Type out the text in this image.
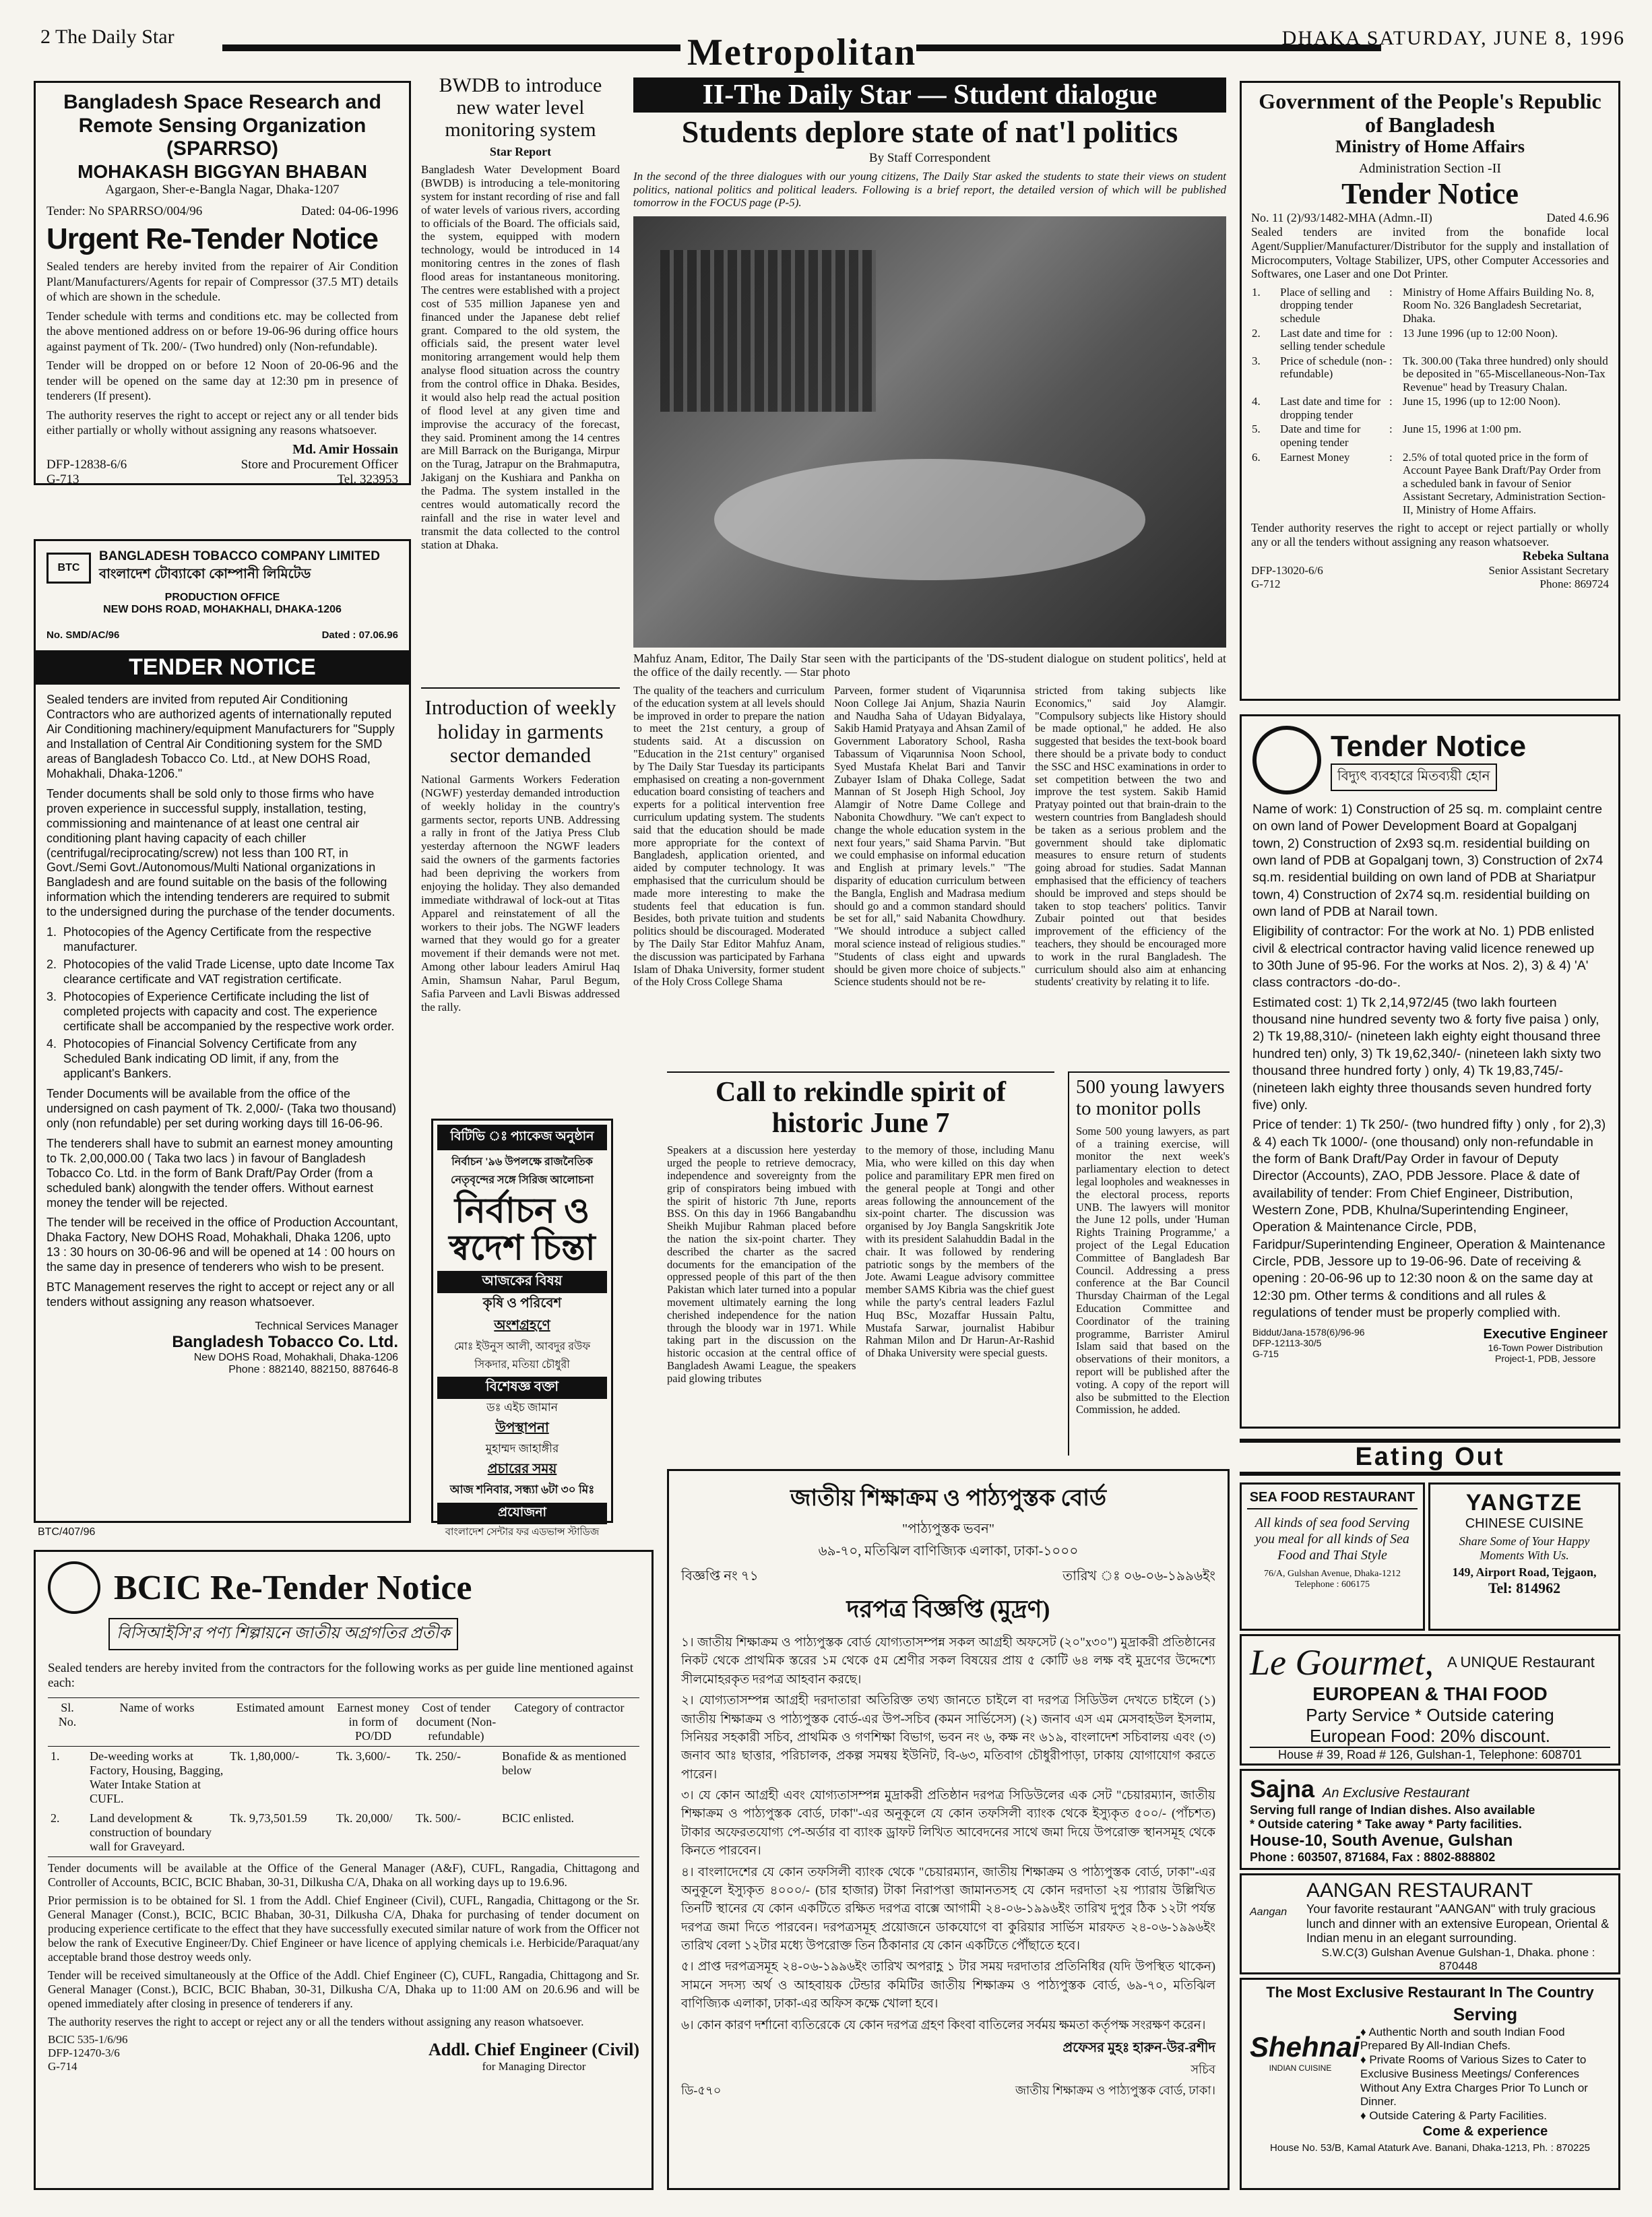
2 The Daily Star	Metropolitan	DHAKA SATURDAY, JUNE 8, 1996
Bangladesh Space Research and Remote Sensing Organization (SPARRSO)
MOHAKASH BIGGYAN BHABAN
Agargaon, Sher-e-Bangla Nagar, Dhaka-1207
Tender: No SPARRSO/004/96	Dated: 04-06-1996
Urgent Re-Tender Notice

Sealed tenders are hereby invited from the repairer of Air Condition Plant/Manufacturers/Agents for repair of Compressor (37.5 MT) details of which are shown in the schedule.

Tender schedule with terms and conditions etc. may be collected from the above mentioned address on or before 19-06-96 during office hours against payment of Tk. 200/- (Two hundred) only (Non-refundable).

Tender will be dropped on or before 12 Noon of 20-06-96 and the tender will be opened on the same day at 12:30 pm in presence of tenderers (If present).

The authority reserves the right to accept or reject any or all tender bids either partially or wholly without assigning any reasons whatsoever.

Md. Amir Hossain
DFP-12838-6/6	Store and Procurement Officer
G-713	Tel. 323953
BTC
BANGLADESH TOBACCO COMPANY LIMITED
বাংলাদেশ টোব্যাকো কোম্পানী লিমিটেড
PRODUCTION OFFICE
NEW DOHS ROAD, MOHAKHALI, DHAKA-1206
No. SMD/AC/96	Dated : 07.06.96
TENDER NOTICE

Sealed tenders are invited from reputed Air Conditioning Contractors who are authorized agents of internationally reputed Air Conditioning machinery/equipment Manufacturers for "Supply and Installation of Central Air Conditioning system for the SMD areas of Bangladesh Tobacco Co. Ltd., at New DOHS Road, Mohakhali, Dhaka-1206."

Tender documents shall be sold only to those firms who have proven experience in successful supply, installation, testing, commissioning and maintenance of at least one central air conditioning plant having capacity of each chiller (centrifugal/reciprocating/screw) not less than 100 RT, in Govt./Semi Govt./Autonomous/Multi National organizations in Bangladesh and are found suitable on the basis of the following information which the intending tenderers are required to submit to the undersigned during the purchase of the tender documents.

1. Photocopies of the Agency Certificate from the respective manufacturer.
2. Photocopies of the valid Trade License, upto date Income Tax clearance certificate and VAT registration certificate.
3. Photocopies of Experience Certificate including the list of completed projects with capacity and cost. The experience certificate shall be accompanied by the respective work order.
4. Photocopies of Financial Solvency Certificate from any Scheduled Bank indicating OD limit, if any, from the applicant's Bankers.

Tender Documents will be available from the office of the undersigned on cash payment of Tk. 2,000/- (Taka two thousand) only (non refundable) per set during working days till 16-06-96.

The tenderers shall have to submit an earnest money amounting to Tk. 2,00,000.00 ( Taka two lacs ) in favour of Bangladesh Tobacco Co. Ltd. in the form of Bank Draft/Pay Order (from a scheduled bank) alongwith the tender offers. Without earnest money the tender will be rejected.

The tender will be received in the office of Production Accountant, Dhaka Factory, New DOHS Road, Mohakhali, Dhaka 1206, upto 13 : 30 hours on 30-06-96 and will be opened at 14 : 00 hours on the same day in presence of tenderers who wish to be present.

BTC Management reserves the right to accept or reject any or all tenders without assigning any reason whatsoever.

Technical Services Manager
Bangladesh Tobacco Co. Ltd.
New DOHS Road, Mohakhali, Dhaka-1206
Phone : 882140, 882150, 887646-8
BTC/407/96
BWDB to introduce new water level monitoring system
Star Report
Bangladesh Water Development Board (BWDB) is introducing a tele-monitoring system for instant recording of rise and fall of water levels of various rivers, according to officials of the Board. The officials said, the system, equipped with modern technology, would be introduced in 14 monitoring centres in the zones of flash flood areas for instantaneous monitoring. The centres were established with a project cost of 535 million Japanese yen and financed under the Japanese debt relief grant. Compared to the old system, the officials said, the present water level monitoring arrangement would help them analyse flood situation across the country from the control office in Dhaka. Besides, it would also help read the actual position of flood level at any given time and improvise the accuracy of the forecast, they said. Prominent among the 14 centres are Mill Barrack on the Buriganga, Mirpur on the Turag, Jatrapur on the Brahmaputra, Jakiganj on the Kushiara and Pankha on the Padma. The system installed in the centres would automatically record the rainfall and the rise in water level and transmit the data collected to the control station at Dhaka.
Introduction of weekly holiday in garments sector demanded
National Garments Workers Federation (NGWF) yesterday demanded introduction of weekly holiday in the country's garments sector, reports UNB. Addressing a rally in front of the Jatiya Press Club yesterday afternoon the NGWF leaders said the owners of the garments factories had been depriving the workers from enjoying the holiday. They also demanded immediate withdrawal of lock-out at Titas Apparel and reinstatement of all the workers to their jobs. The NGWF leaders warned that they would go for a greater movement if their demands were not met. Among other labour leaders Amirul Haq Amin, Shamsun Nahar, Parul Begum, Safia Parveen and Lavli Biswas addressed the rally.
বিটিভি ঃ প্যাকেজ অনুষ্ঠান
নির্বাচন '৯৬ উপলক্ষে রাজনৈতিক
নেতৃবৃন্দের সঙ্গে সিরিজ আলোচনা
নির্বাচন ও
স্বদেশ চিন্তা
আজকের বিষয়
কৃষি ও পরিবেশ
অংশগ্রহণে
মোঃ ইউনুস আলী, আবদুর রউফ সিকদার, মতিয়া চৌধুরী
বিশেষজ্ঞ বক্তা
ডঃ এইচ জামান
উপস্থাপনা
মুহাম্মদ জাহাঙ্গীর
প্রচারের সময়
আজ শনিবার, সন্ধ্যা ৬টা ৩০ মিঃ
প্রযোজনা
বাংলাদেশ সেন্টার ফর এডভান্স স্টাডিজ
II-The Daily Star — Student dialogue
Students deplore state of nat'l politics
By Staff Correspondent
In the second of the three dialogues with our young citizens, The Daily Star asked the students to state their views on student politics, national politics and political leaders. Following is a brief report, the detailed version of which will be published tomorrow in the FOCUS page (P-5).
Mahfuz Anam, Editor, The Daily Star seen with the participants of the 'DS-student dialogue on student politics', held at the office of the daily recently. — Star photo
The quality of the teachers and curriculum of the education system at all levels should be improved in order to prepare the nation to meet the 21st century, a group of students said. At a discussion on "Education in the 21st century" organised by The Daily Star Tuesday its participants emphasised on creating a non-government education board consisting of teachers and experts for a political intervention free curriculum updating system. The students said that the education should be made more appropriate for the context of Bangladesh, application oriented, and aided by computer technology. It was emphasised that the curriculum should be made more interesting to make the students feel that education is fun. Besides, both private tuition and students politics should be discouraged. Moderated by The Daily Star Editor Mahfuz Anam, the discussion was participated by Farhana Islam of Dhaka University, former student of the Holy Cross College Shama
Parveen, former student of Viqarunnisa Noon College Jai Anjum, Shazia Naurin and Naudha Saha of Udayan Bidyalaya, Sakib Hamid Pratyaya and Ahsan Zamil of Government Laboratory School, Rasha Tabassum of Viqarunnisa Noon School, Syed Mustafa Khelat Bari and Tanvir Zubayer Islam of Dhaka College, Sadat Mannan of St Joseph High School, Joy Alamgir of Notre Dame College and Nabonita Chowdhury. "We can't expect to change the whole education system in the next four years," said Shama Parvin. "But we could emphasise on informal education and English at primary levels." "The disparity of education curriculum between the Bangla, English and Madrasa medium should go and a common standard should be set for all," said Nabanita Chowdhury. "We should introduce a subject called moral science instead of religious studies." "Students of class eight and upwards should be given more choice of subjects." Science students should not be re-
stricted from taking subjects like Economics," said Joy Alamgir. "Compulsory subjects like History should be made optional," he added. He also suggested that besides the text-book board there should be a private body to conduct the SSC and HSC examinations in order to set competition between the two and improve the test system. Sakib Hamid Pratyay pointed out that brain-drain to the western countries from Bangladesh should be taken as a serious problem and the government should take diplomatic measures to ensure return of students going abroad for studies. Sadat Mannan emphasised that the efficiency of teachers should be improved and steps should be taken to stop teachers' politics. Tanvir Zubair pointed out that besides improvement of the efficiency of the teachers, they should be encouraged more to work in the rural Bangladesh. The curriculum should also aim at enhancing students' creativity by relating it to life.
Call to rekindle spirit of historic June 7
Speakers at a discussion here yesterday urged the people to retrieve democracy, independence and sovereignty from the grip of conspirators being imbued with the spirit of historic 7th June, reports BSS. On this day in 1966 Bangabandhu Sheikh Mujibur Rahman placed before the nation the six-point charter. They described the charter as the sacred documents for the emancipation of the oppressed people of this part of the then Pakistan which later turned into a popular movement ultimately earning the long cherished independence for the nation through the bloody war in 1971. While taking part in the discussion on the historic occasion at the central office of Bangladesh Awami League, the speakers paid glowing tributes
to the memory of those, including Manu Mia, who were killed on this day when police and paramilitary EPR men fired on the general people at Tongi and other areas following the announcement of the six-point charter. The discussion was organised by Joy Bangla Sangskritik Jote with its president Salahuddin Badal in the chair. It was followed by rendering patriotic songs by the members of the Jote. Awami League advisory committee member SAMS Kibria was the chief guest while the party's central leaders Fazlul Huq BSc, Mozaffar Hussain Paltu, Mustafa Sarwar, journalist Habibur Rahman Milon and Dr Harun-Ar-Rashid of Dhaka University were special guests.
500 young lawyers to monitor polls
Some 500 young lawyers, as part of a training exercise, will monitor the next week's parliamentary election to detect legal loopholes and weaknesses in the electoral process, reports UNB. The lawyers will monitor the June 12 polls, under 'Human Rights Training Programme,' a project of the Legal Education Committee of Bangladesh Bar Council. Addressing a press conference at the Bar Council Thursday Chairman of the Legal Education Committee and Coordinator of the training programme, Barrister Amirul Islam said that based on the observations of their monitors, a report will be published after the voting. A copy of the report will also be submitted to the Election Commission, he added.
BCIC Re-Tender Notice
বিসিআইসি'র পণ্য শিল্পায়নে জাতীয় অগ্রগতির প্রতীক
Sealed tenders are hereby invited from the contractors for the following works as per guide line mentioned against each:
Sl. No.	Name of works	Estimated amount	Earnest money in form of PO/DD	Cost of tender document (Non-refundable)	Category of contractor
1.	De-weeding works at Factory, Housing, Bagging, Water Intake Station at CUFL.	Tk. 1,80,000/-	Tk. 3,600/-	Tk. 250/-	Bonafide & as mentioned below
2.	Land development & construction of boundary wall for Graveyard.	Tk. 9,73,501.59	Tk. 20,000/	Tk. 500/-	BCIC enlisted.

Tender documents will be available at the Office of the General Manager (A&F), CUFL, Rangadia, Chittagong and Controller of Accounts, BCIC, BCIC Bhaban, 30-31, Dilkusha C/A, Dhaka on all working days up to 19.6.96.

Prior permission is to be obtained for Sl. 1 from the Addl. Chief Engineer (Civil), CUFL, Rangadia, Chittagong or the Sr. General Manager (Const.), BCIC, BCIC Bhaban, 30-31, Dilkusha C/A, Dhaka for purchasing of tender document on producing experience certificate to the effect that they have successfully executed similar nature of work from the Officer not below the rank of Executive Engineer/Dy. Chief Engineer or have licence of applying chemicals i.e. Herbicide/Paraquat/any acceptable brand those destroy weeds only.

Tender will be received simultaneously at the Office of the Addl. Chief Engineer (C), CUFL, Rangadia, Chittagong and Sr. General Manager (Const.), BCIC, BCIC Bhaban, 30-31, Dilkusha C/A, Dhaka up to 11:00 AM on 20.6.96 and will be opened immediately after closing in presence of tenderers if any.

The authority reserves the right to accept or reject any or all the tenders without assigning any reason whatsoever.

BCIC 535-1/6/96
DFP-12470-3/6
G-714
Addl. Chief Engineer (Civil)
for Managing Director
জাতীয় শিক্ষাক্রম ও পাঠ্যপুস্তক বোর্ড
"পাঠ্যপুস্তক ভবন"
৬৯-৭০, মতিঝিল বাণিজ্যিক এলাকা, ঢাকা-১০০০
বিজ্ঞপ্তি নং ৭১	তারিখ ঃ ০৬-০৬-১৯৯৬ইং
দরপত্র বিজ্ঞপ্তি (মুদ্রণ)

১। জাতীয় শিক্ষাক্রম ও পাঠ্যপুস্তক বোর্ড যোগ্যতাসম্পন্ন সকল আগ্রহী অফসেট (২০"x৩০") মুদ্রাকরী প্রতিষ্ঠানের নিকট থেকে প্রাথমিক স্তরের ১ম থেকে ৫ম শ্রেণীর সকল বিষয়ের প্রায় ৫ কোটি ৬৪ লক্ষ বই মুদ্রণের উদ্দেশ্যে সীলমোহরকৃত দরপত্র আহবান করছে।

২। যোগ্যতাসম্পন্ন আগ্রহী দরদাতারা অতিরিক্ত তথ্য জানতে চাইলে বা দরপত্র সিডিউল দেখতে চাইলে (১) জাতীয় শিক্ষাক্রম ও পাঠ্যপুস্তক বোর্ড-এর উপ-সচিব (কমন সার্ভিসেস) (২) জনাব এস এম মেসবাহউল ইসলাম, সিনিয়র সহকারী সচিব, প্রাথমিক ও গণশিক্ষা বিভাগ, ভবন নং ৬, কক্ষ নং ৬১৯, বাংলাদেশ সচিবালয় এবং (৩) জনাব আঃ ছাত্তার, পরিচালক, প্রকল্প সমন্বয় ইউনিট, বি-৬৩, মতিবাগ চৌধুরীপাড়া, ঢাকায় যোগাযোগ করতে পারেন।

৩। যে কোন আগ্রহী এবং যোগ্যতাসম্পন্ন মুদ্রাকরী প্রতিষ্ঠান দরপত্র সিডিউলের এক সেট "চেয়ারম্যান, জাতীয় শিক্ষাক্রম ও পাঠ্যপুস্তক বোর্ড, ঢাকা"-এর অনুকূলে যে কোন তফসিলী ব্যাংক থেকে ইস্যুকৃত ৫০০/- (পাঁচশত) টাকার অফেরতযোগ্য পে-অর্ডার বা ব্যাংক ড্রাফট লিখিত আবেদনের সাথে জমা দিয়ে উপরোক্ত স্থানসমূহ থেকে কিনতে পারবেন।

৪। বাংলাদেশের যে কোন তফসিলী ব্যাংক থেকে "চেয়ারম্যান, জাতীয় শিক্ষাক্রম ও পাঠ্যপুস্তক বোর্ড, ঢাকা"-এর অনুকূলে ইস্যুকৃত ৪০০০/- (চার হাজার) টাকা নিরাপত্তা জামানতসহ যে কোন দরদাতা ২য় প্যারায় উল্লিখিত তিনটি স্থানের যে কোন একটিতে রক্ষিত দরপত্র বাক্সে আগামী ২৪-০৬-১৯৯৬ইং তারিখ দুপুর ঠিক ১২টা পর্যন্ত দরপত্র জমা দিতে পারবেন। দরপত্রসমূহ প্রয়োজনে ডাকযোগে বা কুরিয়ার সার্ভিস মারফত ২৪-০৬-১৯৯৬ইং তারিখ বেলা ১২টার মধ্যে উপরোক্ত তিন ঠিকানার যে কোন একটিতে পৌঁছাতে হবে।

৫। প্রাপ্ত দরপত্রসমূহ ২৪-০৬-১৯৯৬ইং তারিখ অপরাহ্ণ ১ টার সময় দরদাতার প্রতিনিধির (যদি উপস্থিত থাকেন) সামনে সদস্য অর্থ ও আহবায়ক টেন্ডার কমিটির জাতীয় শিক্ষাক্রম ও পাঠ্যপুস্তক বোর্ড, ৬৯-৭০, মতিঝিল বাণিজ্যিক এলাকা, ঢাকা-এর অফিস কক্ষে খোলা হবে।

৬। কোন কারণ দর্শানো ব্যতিরেকে যে কোন দরপত্র গ্রহণ কিংবা বাতিলের সর্বময় ক্ষমতা কর্তৃপক্ষ সংরক্ষণ করেন।

প্রফেসর মুহঃ হারুন-উর-রশীদ
সচিব
ডি-৫৭০	জাতীয় শিক্ষাক্রম ও পাঠ্যপুস্তক বোর্ড, ঢাকা।
Government of the People's Republic of Bangladesh
Ministry of Home Affairs
Administration Section -II
Tender Notice
No. 11 (2)/93/1482-MHA (Admn.-II)	Dated 4.6.96
Sealed tenders are invited from the bonafide local Agent/Supplier/Manufacturer/Distributor for the supply and installation of Microcomputers, Voltage Stabilizer, UPS, other Computer Accessories and Softwares, one Laser and one Dot Printer.
1.	Place of selling and dropping tender schedule	:	Ministry of Home Affairs Building No. 8, Room No. 326 Bangladesh Secretariat, Dhaka.
2.	Last date and time for selling tender schedule	:	13 June 1996 (up to 12:00 Noon).
3.	Price of schedule (non-refundable)	:	Tk. 300.00 (Taka three hundred) only should be deposited in "65-Miscellaneous-Non-Tax Revenue" head by Treasury Chalan.
4.	Last date and time for dropping tender	:	June 15, 1996 (up to 12:00 Noon).
5.	Date and time for opening tender	:	June 15, 1996 at 1:00 pm.
6.	Earnest Money	:	2.5% of total quoted price in the form of Account Payee Bank Draft/Pay Order from a scheduled bank in favour of Senior Assistant Secretary, Administration Section-II, Ministry of Home Affairs.
Tender authority reserves the right to accept or reject partially or wholly any or all the tenders without assigning any reason whatsoever.
Rebeka Sultana
DFP-13020-6/6	Senior Assistant Secretary
G-712	Phone: 869724
Tender Notice
বিদ্যুৎ ব্যবহারে মিতব্যয়ী হোন

Name of work: 1) Construction of 25 sq. m. complaint centre on own land of Power Development Board at Gopalganj town, 2) Construction of 2x93 sq.m. residential building on own land of PDB at Gopalganj town, 3) Construction of 2x74 sq.m. residential building on own land of PDB at Shariatpur town, 4) Construction of 2x74 sq.m. residential building on own land of PDB at Narail town.

Eligibility of contractor: For the work at No. 1) PDB enlisted civil & electrical contractor having valid licence renewed up to 30th June of 95-96. For the works at Nos. 2), 3) & 4) 'A' class contractors -do-do-.

Estimated cost: 1) Tk 2,14,972/45 (two lakh fourteen thousand nine hundred seventy two & forty five paisa ) only, 2) Tk 19,88,310/- (nineteen lakh eighty eight thousand three hundred ten) only, 3) Tk 19,62,340/- (nineteen lakh sixty two thousand three hundred forty ) only, 4) Tk 19,83,745/- (nineteen lakh eighty three thousands seven hundred forty five) only.

Price of tender: 1) Tk 250/- (two hundred fifty ) only , for 2),3) & 4) each Tk 1000/- (one thousand) only non-refundable in the form of Bank Draft/Pay Order in favour of Deputy Director (Accounts), ZAO, PDB Jessore. Place & date of availability of tender: From Chief Engineer, Distribution, Western Zone, PDB, Khulna/Superintending Engineer, Operation & Maintenance Circle, PDB, Faridpur/Superintending Engineer, Operation & Maintenance Circle, PDB, Jessore up to 19-06-96. Date of receiving & opening : 20-06-96 up to 12:30 noon & on the same day at 12:30 pm. Other terms & conditions and all rules & regulations of tender must be properly complied with.

Biddut/Jana-1578(6)/96-96
DFP-12113-30/5
G-715
Executive Engineer
16-Town Power Distribution
Project-1, PDB, Jessore
Eating Out
SEA FOOD RESTAURANT
All kinds of sea food Serving you meal for all kinds of Sea Food and Thai Style
76/A, Gulshan Avenue, Dhaka-1212 Telephone : 606175
YANGTZE
CHINESE CUISINE
Share Some of Your Happy Moments With Us.
149, Airport Road, Tejgaon,
Tel: 814962
Le Gourmet, A UNIQUE Restaurant
EUROPEAN & THAI FOOD
Party Service * Outside catering
European Food: 20% discount.
House # 39, Road # 126, Gulshan-1, Telephone: 608701
Sajna An Exclusive Restaurant
Serving full range of Indian dishes. Also available
* Outside catering * Take away * Party facilities.
House-10, South Avenue, Gulshan
Phone : 603507, 871684, Fax : 8802-888802
Aangan
AANGAN RESTAURANT
Your favorite restaurant "AANGAN" with truly gracious lunch and dinner with an extensive European, Oriental & Indian menu in an elegant surrounding.
S.W.C(3) Gulshan Avenue Gulshan-1, Dhaka. phone : 870448
The Most Exclusive Restaurant In The Country
Shehnai
INDIAN CUISINE
Serving
♦ Authentic North and south Indian Food Prepared By All-Indian Chefs.
♦ Private Rooms of Various Sizes to Cater to Exclusive Business Meetings/ Conferences Without Any Extra Charges Prior To Lunch or Dinner.
♦ Outside Catering & Party Facilities.
Come & experience
House No. 53/B, Kamal Ataturk Ave. Banani, Dhaka-1213, Ph. : 870225
